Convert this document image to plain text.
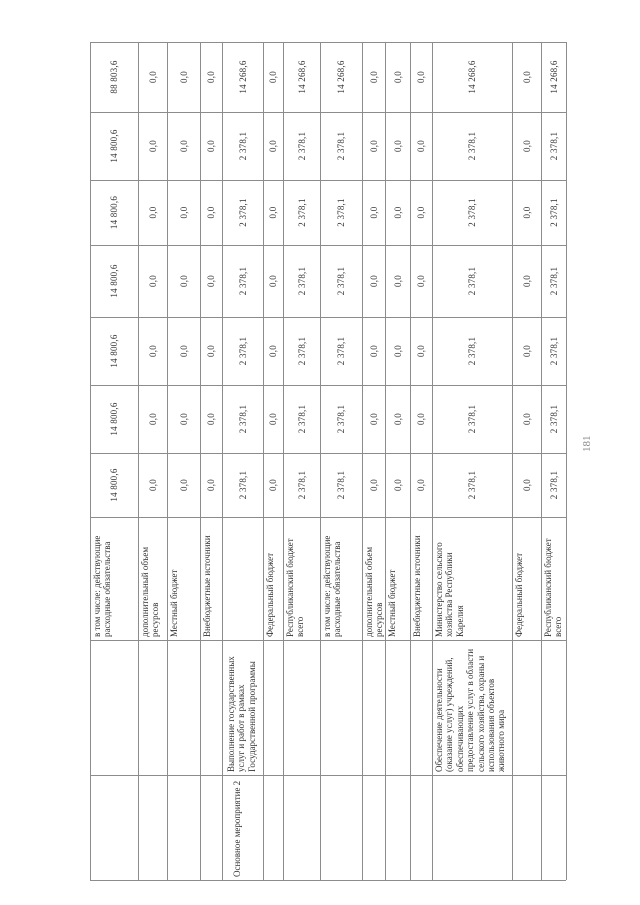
14 800,6
14 800,6
14 800,6
14 800,6
14 800,6
14 800,6
88 803,6
в том числе: действующие расходные обязательства
0,0
0,0
0,0
0,0
0,0
0,0
0,0
дополнительный объем ресурсов
0,0
0,0
0,0
0,0
0,0
0,0
0,0
Местный бюджет
0,0
0,0
0,0
0,0
0,0
0,0
0,0
Внебюджетные источники
2 378,1
2 378,1
2 378,1
2 378,1
2 378,1
2 378,1
14 268,6
Выполнение государственных услуг и работ в рамках Государственной программы
Основное мероприятие 2
0,0
0,0
0,0
0,0
0,0
0,0
0,0
Федеральный бюджет
2 378,1
2 378,1
2 378,1
2 378,1
2 378,1
2 378,1
14 268,6
Республиканский бюджет всего
2 378,1
2 378,1
2 378,1
2 378,1
2 378,1
2 378,1
14 268,6
в том числе: действующие расходные обязательства
0,0
0,0
0,0
0,0
0,0
0,0
0,0
дополнительный объем ресурсов
0,0
0,0
0,0
0,0
0,0
0,0
0,0
Местный бюджет
0,0
0,0
0,0
0,0
0,0
0,0
0,0
Внебюджетные источники
2 378,1
2 378,1
2 378,1
2 378,1
2 378,1
2 378,1
14 268,6
Министерство сельского хозяйства Республики Карелия
Обеспечение деятельности (оказание услуг) учреждений, обеспечивающих предоставление услуг в области сельского хозяйства, охраны и использования объектов животного мира
0,0
0,0
0,0
0,0
0,0
0,0
0,0
Федеральный бюджет
2 378,1
2 378,1
2 378,1
2 378,1
2 378,1
2 378,1
14 268,6
Республиканский бюджет всего
181
